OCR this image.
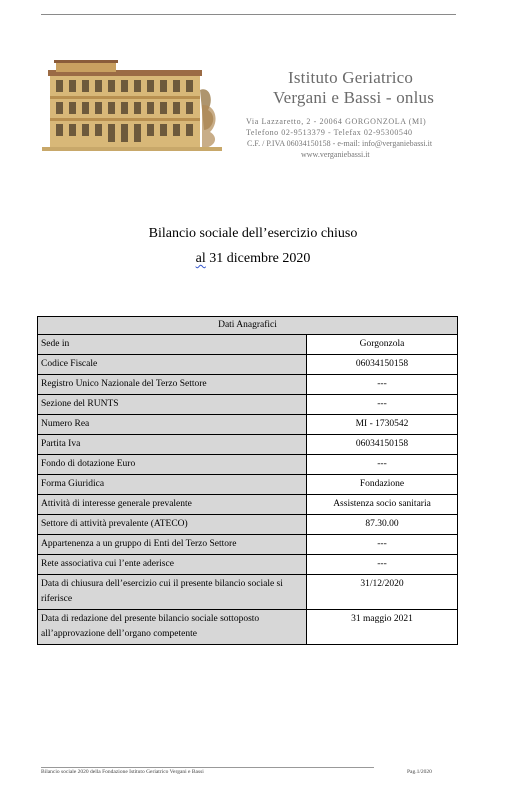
Istituto Geriatrico
Vergani e Bassi - onlus
Via Lazzaretto, 2 - 20064 GORGONZOLA (MI)
Telefono 02-9513379 - Telefax 02-95300540
C.F. / P.IVA 06034150158 - e-mail: info@verganiebassi.it
www.verganiebassi.it
Bilancio sociale dell’esercizio chiuso
al 31 dicembre 2020
Dati Anagrafici	
Sede in	Gorgonzola
Codice Fiscale	06034150158
Registro Unico Nazionale del Terzo Settore	---
Sezione del RUNTS	---
Numero Rea	MI - 1730542
Partita Iva	06034150158
Fondo di dotazione Euro	---
Forma Giuridica	Fondazione
Attività di interesse generale prevalente	Assistenza socio sanitaria
Settore di attività prevalente (ATECO)	87.30.00
Appartenenza a un gruppo di Enti del Terzo Settore	---
Rete associativa cui l’ente aderisce	---
Data di chiusura dell’esercizio cui il presente bilancio sociale si riferisce	31/12/2020
Data di redazione del presente bilancio sociale sottoposto all’approvazione dell’organo competente	31 maggio 2021
Bilancio sociale 2020 della Fondazione Istituto Geriatrico Vergani e Bassi	Pag.1/2020
